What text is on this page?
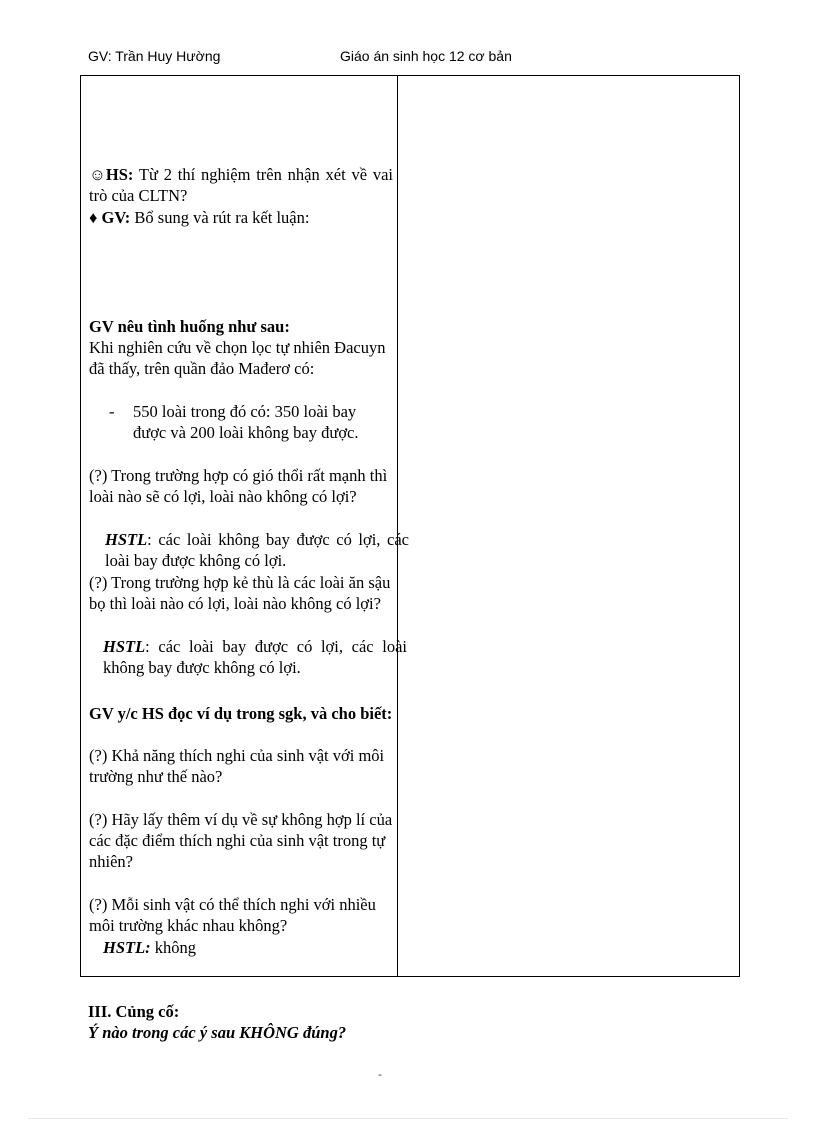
GV: Trần Huy Hường	Giáo án sinh học 12 cơ bản
☺HS: Từ 2 thí nghiệm trên nhận xét về vai trò của CLTN?
♦ GV: Bổ sung và rút ra kết luận:
GV nêu tình huống như sau:
Khi nghiên cứu về chọn lọc tự nhiên Đacuyn đã thấy, trên quần đảo Mađerơ có:
- 550 loài trong đó có: 350 loài bay được và 200 loài không bay được.
(?) Trong trường hợp có gió thổi rất mạnh thì loài nào sẽ có lợi, loài nào không có lợi?
HSTL: các loài không bay được có lợi, các loài bay được không có lợi.
(?) Trong trường hợp kẻ thù là các loài ăn sậu bọ thì loài nào có lợi, loài nào không có lợi?
HSTL: các loài bay được có lợi, các loài không bay được không có lợi.
GV y/c HS đọc ví dụ trong sgk, và cho biết:
(?) Khả năng thích nghi của sinh vật với môi trường như thế nào?
(?) Hãy lấy thêm ví dụ về sự không hợp lí của các đặc điểm thích nghi của sinh vật trong tự nhiên?
(?) Mỗi sinh vật có thể thích nghi với nhiều môi trường khác nhau không?
HSTL: không
III. Củng cố:
Ý nào trong các ý sau KHÔNG đúng?
-
